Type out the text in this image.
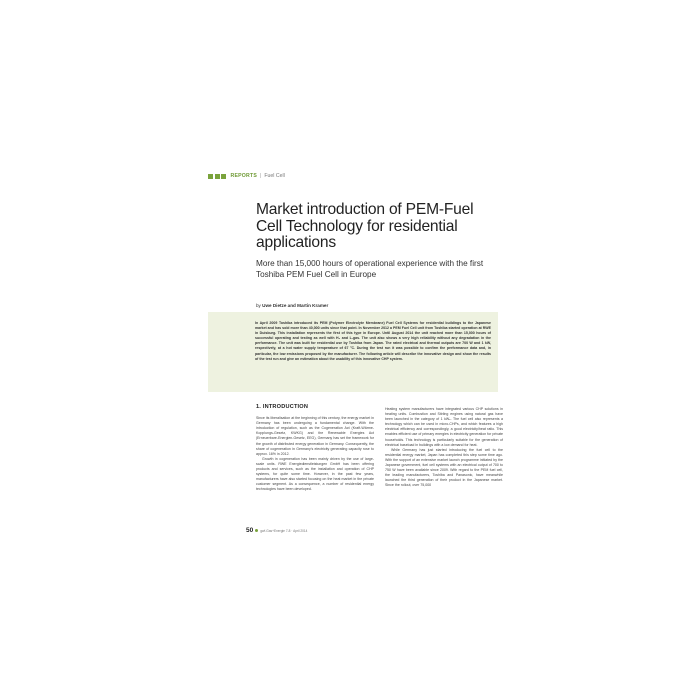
REPORTS | Fuel Cell
Market introduction of PEM-Fuel Cell Technology for residential applications
More than 15,000 hours of operational experience with the first Toshiba PEM Fuel Cell in Europe
by Uwe Dietze and Martin Kramer
In April 2009 Toshiba introduced its PEM (Polymer Electrolyte Membrane) Fuel Cell Systems for residential buildings to the Japanese market and has sold more than 40,000 units since that point. In November 2012 a PEM Fuel Cell unit from Toshiba started operation at RWE in Duisburg. This installation represents the first of this type in Europe. Until August 2014 the unit reached more than 15,000 hours of successful operating and testing as well with H₂ and L-gas. The unit also shows a very high reliability without any degradation in the performance. The unit was built for residential use by Toshiba from Japan. The rated electrical and thermal outputs are 700 W and 1 kW, respectively, at a hot water supply temperature of 67 °C. During the test run it was possible to confirm the performance data and, in particular, the low emissions proposed by the manufacturer. The following article will describe the innovative design and show the results of the test run and give an estimation about the usability of this innovative CHP system.
1. INTRODUCTION

Since its liberalisation at the beginning of this century, the energy market in Germany has been undergoing a fundamental change. With the introduction of regulation, such as the Cogeneration Act (Kraft-Wärme-Kopplungs-Gesetz, KWKG) and the Renewable Energies Act (Erneuerbare-Energien-Gesetz, EEG), Germany has set the framework for the growth of distributed energy generation in Germany. Consequently, the share of cogeneration in Germany's electricity generating capacity rose to approx. 16% in 2012.

Growth in cogeneration has been mainly driven by the use of large-scale units. RWE Energiedienstleistungen GmbH has been offering products and services, such as the installation and operation of CHP systems, for quite some time. However, in the past few years, manufacturers have also started focusing on the heat market in the private customer segment. As a consequence, a number of residential energy technologies have been developed.

Heating system manufacturers have integrated various CHP solutions in heating units. Combustion and Stirling engines using natural gas have been launched in the category of 1 kWₑ. The fuel cell also represents a technology which can be used in micro-CHPs, and which features a high electrical efficiency and correspondingly, a good electricity/heat ratio. This enables efficient use of primary energies in electricity generation for private households. This technology is particularly suitable for the generation of electrical baseload in buildings with a low demand for heat.

While Germany has just started introducing the fuel cell to the residential energy market, Japan has completed this step some time ago. With the support of an extensive market launch programme initiated by the Japanese government, fuel cell systems with an electrical output of 700 to 750 W have been available since 2009. With regard to the PEM fuel cell, the leading manufacturers, Toshiba and Panasonic, have meanwhile launched the third generation of their product in the Japanese market. Since the rollout, over 75,000

50 gwf-Gas+Energie 7-8 · April 2014
